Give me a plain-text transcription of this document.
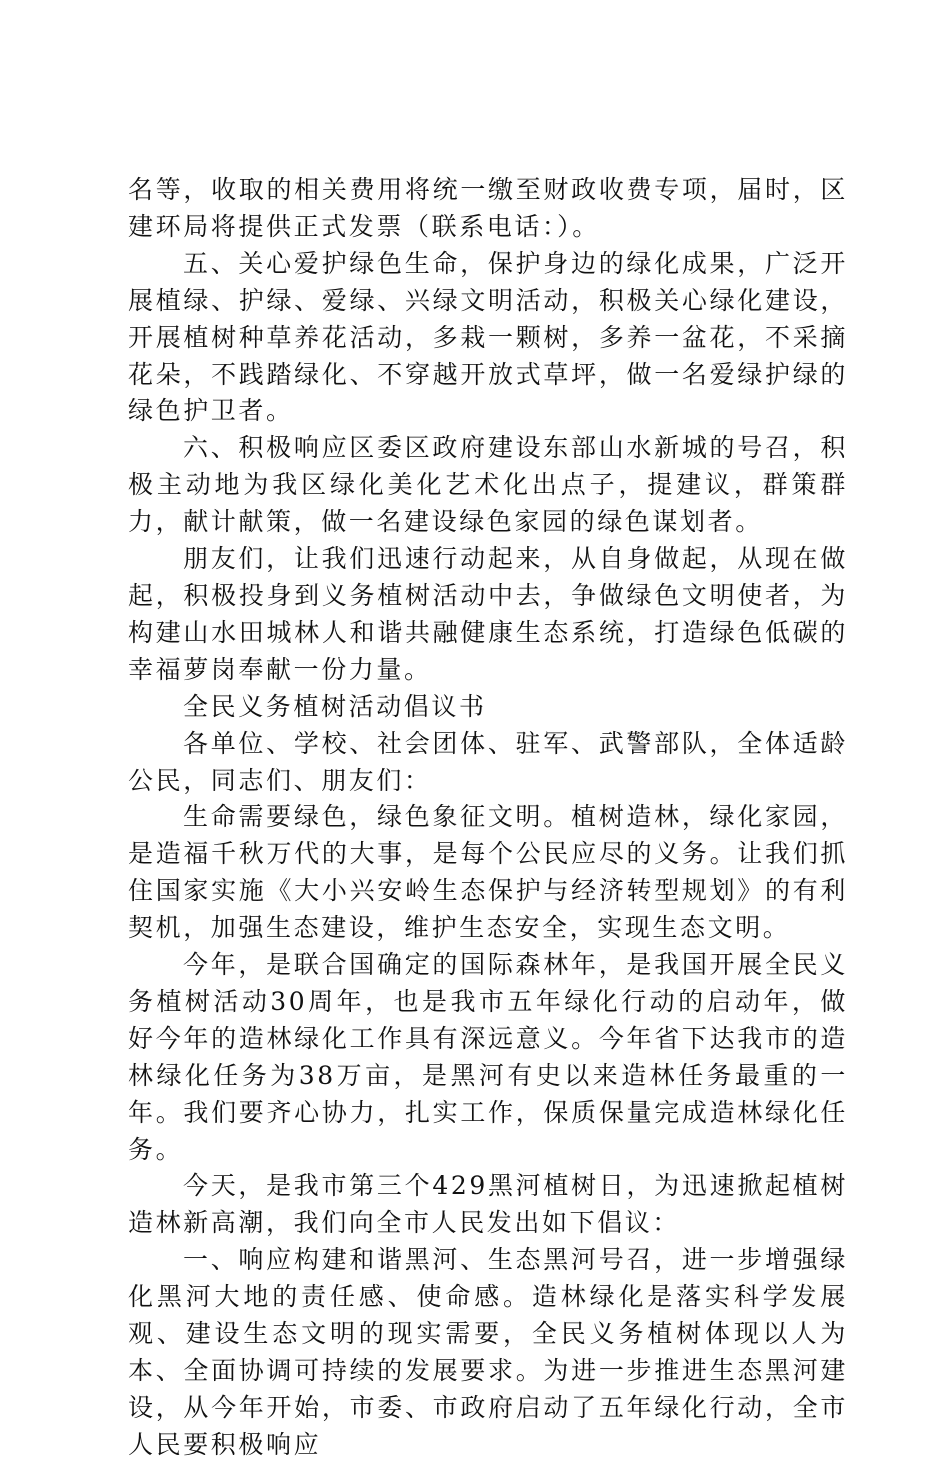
名等，收取的相关费用将统一缴至财政收费专项，届时，区建环局将提供正式发票（联系电话：）。

五、关心爱护绿色生命，保护身边的绿化成果，广泛开展植绿、护绿、爱绿、兴绿文明活动，积极关心绿化建设，开展植树种草养花活动，多栽一颗树，多养一盆花，不采摘花朵，不践踏绿化、不穿越开放式草坪，做一名爱绿护绿的绿色护卫者。

六、积极响应区委区政府建设东部山水新城的号召，积极主动地为我区绿化美化艺术化出点子，提建议，群策群力，献计献策，做一名建设绿色家园的绿色谋划者。

朋友们，让我们迅速行动起来，从自身做起，从现在做起，积极投身到义务植树活动中去，争做绿色文明使者，为构建山水田城林人和谐共融健康生态系统，打造绿色低碳的幸福萝岗奉献一份力量。

全民义务植树活动倡议书

各单位、学校、社会团体、驻军、武警部队，全体适龄公民，同志们、朋友们：

生命需要绿色，绿色象征文明。植树造林，绿化家园，是造福千秋万代的大事，是每个公民应尽的义务。让我们抓住国家实施《大小兴安岭生态保护与经济转型规划》的有利契机，加强生态建设，维护生态安全，实现生态文明。

今年，是联合国确定的国际森林年，是我国开展全民义务植树活动30周年，也是我市五年绿化行动的启动年，做好今年的造林绿化工作具有深远意义。今年省下达我市的造林绿化任务为38万亩，是黑河有史以来造林任务最重的一年。我们要齐心协力，扎实工作，保质保量完成造林绿化任务。

今天，是我市第三个429黑河植树日，为迅速掀起植树造林新高潮，我们向全市人民发出如下倡议：

一、响应构建和谐黑河、生态黑河号召，进一步增强绿化黑河大地的责任感、使命感。造林绿化是落实科学发展观、建设生态文明的现实需要，全民义务植树体现以人为本、全面协调可持续的发展要求。为进一步推进生态黑河建设，从今年开始，市委、市政府启动了五年绿化行动，全市人民要积极响应
